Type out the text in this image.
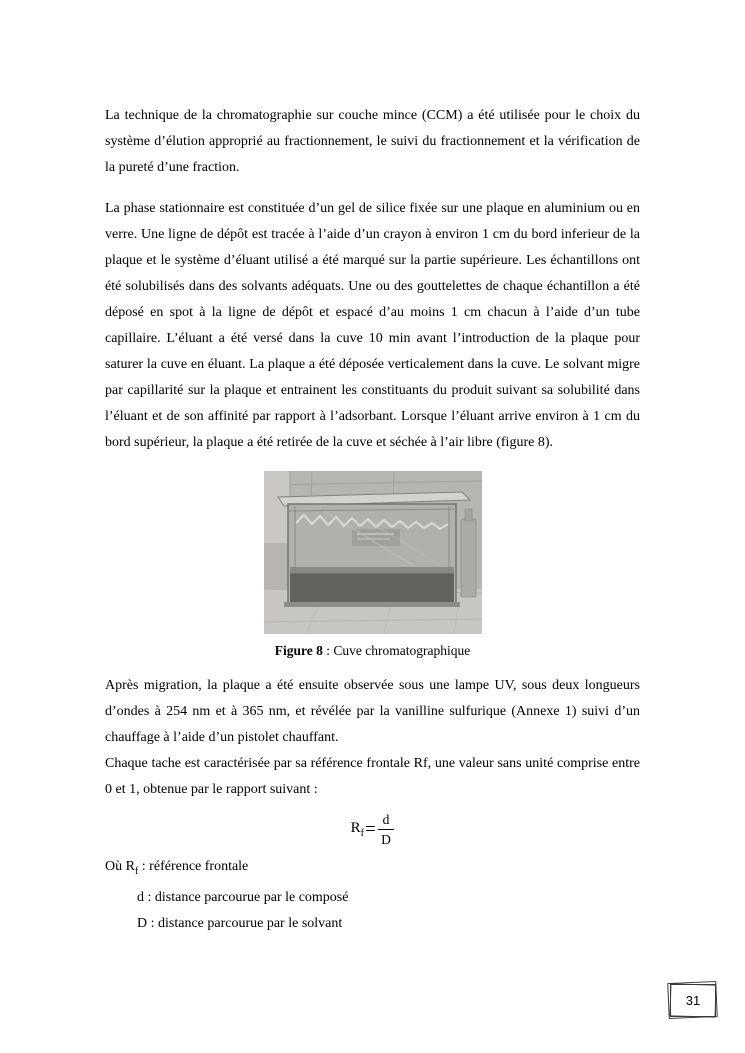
La technique de la chromatographie sur couche mince (CCM) a été utilisée pour le choix du système d’élution approprié au fractionnement, le suivi du fractionnement et la vérification de la pureté d’une fraction.

La phase stationnaire est constituée d’un gel de silice fixée sur une plaque en aluminium ou en verre. Une ligne de dépôt est tracée à l’aide d’un crayon à environ 1 cm du bord inferieur de la plaque et le système d’éluant utilisé a été marqué sur la partie supérieure. Les échantillons ont été solubilisés dans des solvants adéquats. Une ou des gouttelettes de chaque échantillon a été déposé en spot à la ligne de dépôt et espacé d’au moins 1 cm chacun à l’aide d’un tube capillaire. L’éluant a été versé dans la cuve 10 min avant l’introduction de la plaque pour saturer la cuve en éluant. La plaque a été déposée verticalement dans la cuve. Le solvant migre par capillarité sur la plaque et entrainent les constituants du produit suivant sa solubilité dans l’éluant et de son affinité par rapport à l’adsorbant. Lorsque l’éluant arrive environ à 1 cm du bord supérieur, la plaque a été retirée de la cuve et séchée à l’air libre (figure 8).

Figure 8 : Cuve chromatographique

Après migration, la plaque a été ensuite observée sous une lampe UV, sous deux longueurs d’ondes à 254 nm et à 365 nm, et révélée par la vanilline sulfurique (Annexe 1) suivi d’un chauffage à l’aide d’un pistolet chauffant.

Chaque tache est caractérisée par sa référence frontale Rf, une valeur sans unité comprise entre 0 et 1, obtenue par le rapport suivant :

$R_f = \frac{d}{D}$

Où $R_f$ : référence frontale

d : distance parcourue par le composé

D : distance parcourue par le solvant

31
